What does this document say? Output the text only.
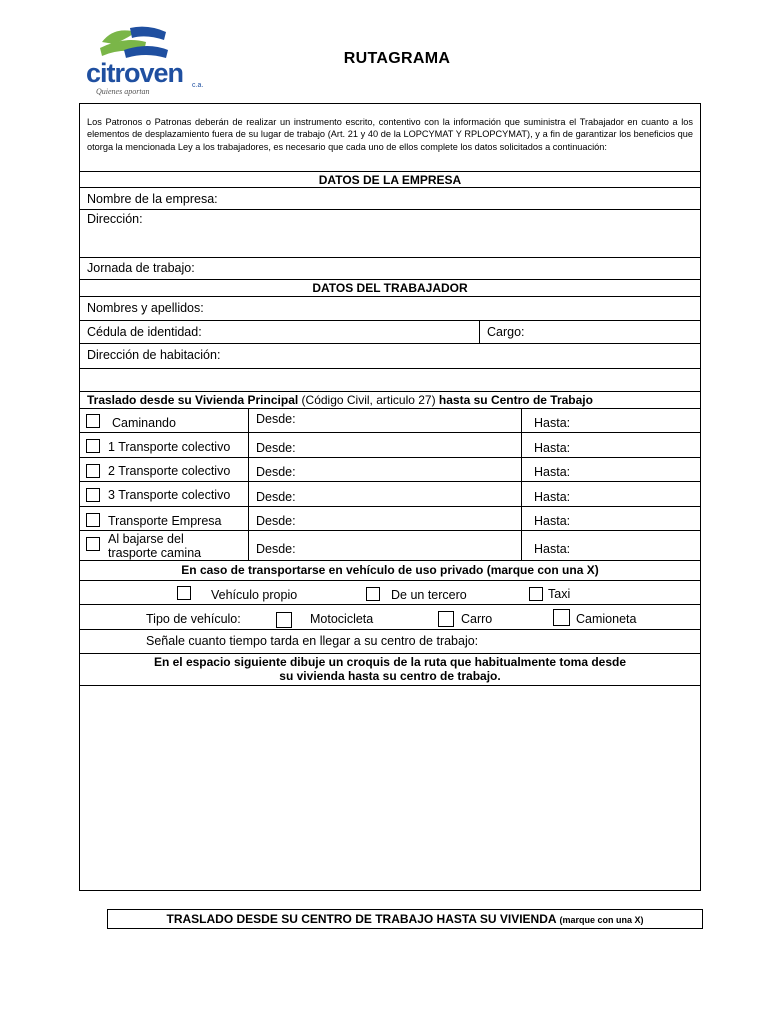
citroven c.a.
Quienes aportan
RUTAGRAMA
Los Patronos o Patronas deberán de realizar un instrumento escrito, contentivo con la información que suministra el Trabajador en cuanto a los elementos de desplazamiento fuera de su lugar de trabajo (Art. 21 y 40 de la LOPCYMAT Y RPLOPCYMAT), y a fin de garantizar los beneficios que otorga la mencionada Ley a los trabajadores, es necesario que cada uno de ellos complete los datos solicitados a continuación:
DATOS DE LA EMPRESA
Nombre de la empresa:
Dirección:
Jornada de trabajo:
DATOS DEL TRABAJADOR
Nombres y apellidos:
Cédula de identidad:	Cargo:
Dirección de habitación:
Traslado desde su Vivienda Principal (Código Civil, articulo 27) hasta su Centro de Trabajo
Caminando	Desde:	Hasta:
1 Transporte colectivo Desde:	Hasta:
2 Transporte colectivo Desde:	Hasta:
3 Transporte colectivo Desde:	Hasta:
Transporte Empresa	Desde:	Hasta:
Al bajarse del
trasporte camina	Desde:	Hasta:
En caso de transportarse en vehículo de uso privado (marque con una X)
Vehículo propio	De un tercero	Taxi
Tipo de vehículo:	Motocicleta	Carro	Camioneta
Señale cuanto tiempo tarda en llegar a su centro de trabajo:
En el espacio siguiente dibuje un croquis de la ruta que habitualmente toma desde
su vivienda hasta su centro de trabajo.
TRASLADO DESDE SU CENTRO DE TRABAJO HASTA SU VIVIENDA (marque con una X)
